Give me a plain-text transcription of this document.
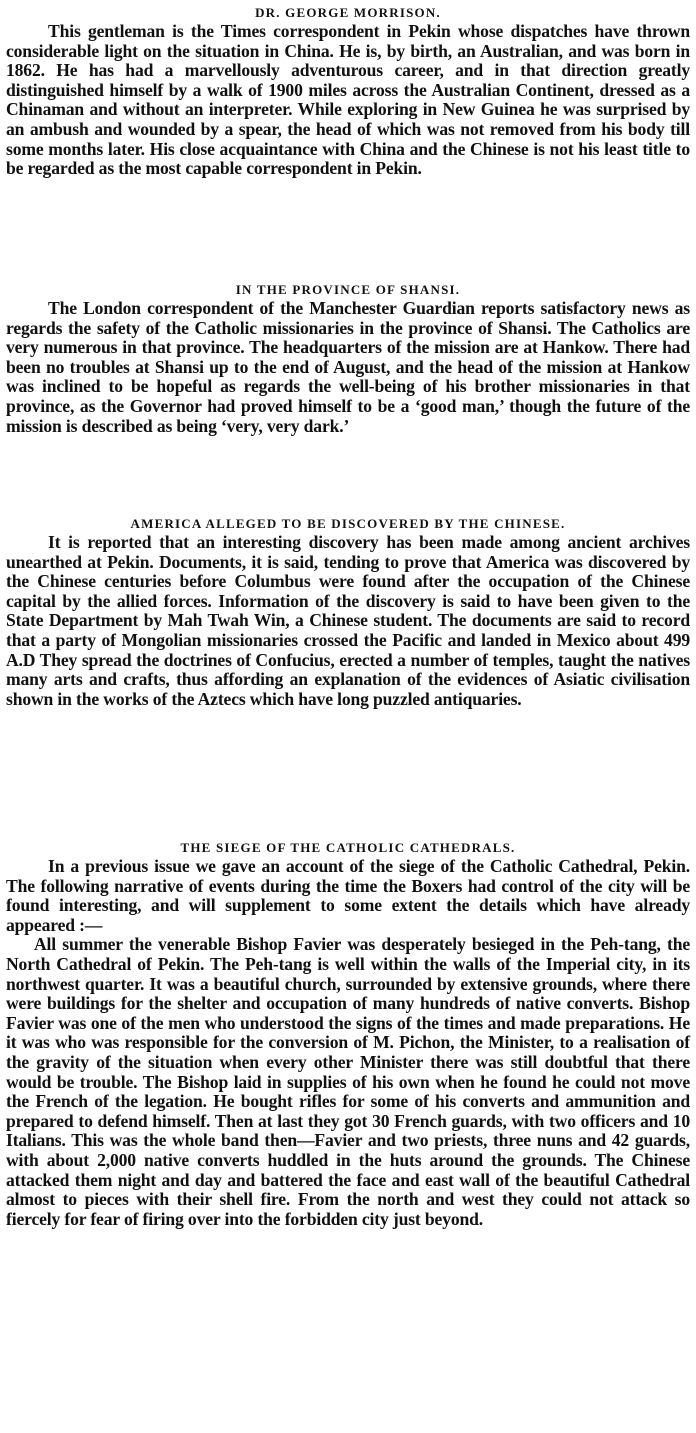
DR. GEORGE MORRISON.

This gentleman is the Times correspondent in Pekin whose dispatches have thrown considerable light on the situation in China. He is, by birth, an Australian, and was born in 1862. He has had a marvellously adventurous career, and in that direction greatly distinguished himself by a walk of 1900 miles across the Australian Continent, dressed as a Chinaman and without an interpreter. While exploring in New Guinea he was surprised by an ambush and wounded by a spear, the head of which was not removed from his body till some months later. His close acquaintance with China and the Chinese is not his least title to be regarded as the most capable correspondent in Pekin.

IN THE PROVINCE OF SHANSI.

The London correspondent of the Manchester Guardian reports satisfactory news as regards the safety of the Catholic missionaries in the province of Shansi. The Catholics are very numerous in that province. The headquarters of the mission are at Hankow. There had been no troubles at Shansi up to the end of August, and the head of the mission at Hankow was inclined to be hopeful as regards the well-being of his brother missionaries in that province, as the Governor had proved himself to be a ‘good man,’ though the future of the mission is described as being ‘very, very dark.’

AMERICA ALLEGED TO BE DISCOVERED BY THE CHINESE.

It is reported that an interesting discovery has been made among ancient archives unearthed at Pekin. Documents, it is said, tending to prove that America was discovered by the Chinese centuries before Columbus were found after the occupation of the Chinese capital by the allied forces. Information of the discovery is said to have been given to the State Department by Mah Twah Win, a Chinese student. The documents are said to record that a party of Mongolian missionaries crossed the Pacific and landed in Mexico about 499 A.D They spread the doctrines of Confucius, erected a number of temples, taught the natives many arts and crafts, thus affording an explanation of the evidences of Asiatic civilisation shown in the works of the Aztecs which have long puzzled antiquaries.

THE SIEGE OF THE CATHOLIC CATHEDRALS.

In a previous issue we gave an account of the siege of the Catholic Cathedral, Pekin. The following narrative of events during the time the Boxers had control of the city will be found interesting, and will supplement to some extent the details which have already appeared :—

All summer the venerable Bishop Favier was desperately besieged in the Peh-tang, the North Cathedral of Pekin. The Peh-tang is well within the walls of the Imperial city, in its northwest quarter. It was a beautiful church, surrounded by extensive grounds, where there were buildings for the shelter and occupation of many hundreds of native converts. Bishop Favier was one of the men who understood the signs of the times and made preparations. He it was who was responsible for the conversion of M. Pichon, the Minister, to a realisation of the gravity of the situation when every other Minister there was still doubtful that there would be trouble. The Bishop laid in supplies of his own when he found he could not move the French of the legation. He bought rifles for some of his converts and ammunition and prepared to defend himself. Then at last they got 30 French guards, with two officers and 10 Italians. This was the whole band then—Favier and two priests, three nuns and 42 guards, with about 2,000 native converts huddled in the huts around the grounds. The Chinese attacked them night and day and battered the face and east wall of the beautiful Cathedral almost to pieces with their shell fire. From the north and west they could not attack so fiercely for fear of firing over into the forbidden city just beyond.
